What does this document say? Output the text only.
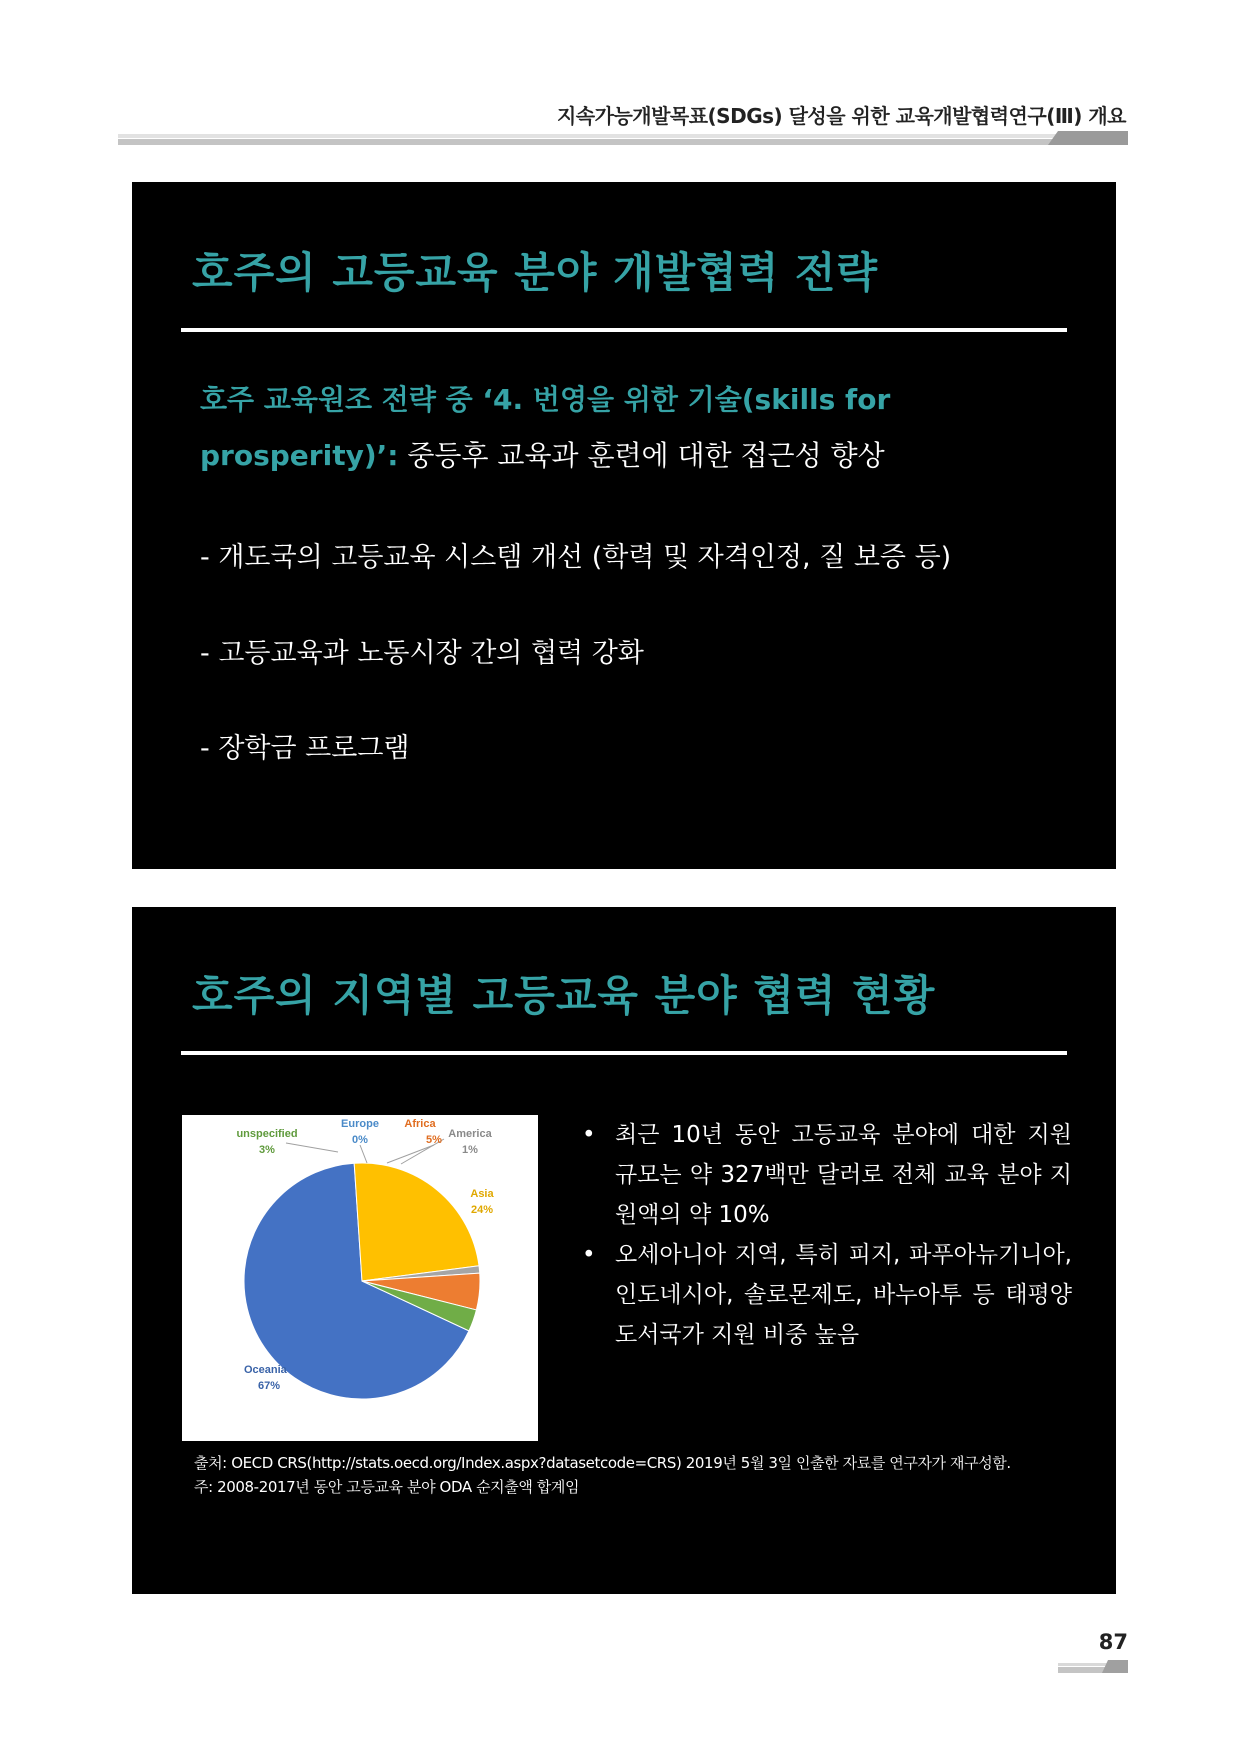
지속가능개발목표(SDGs) 달성을 위한 교육개발협력연구(Ⅲ) 개요
호주의 고등교육 분야 개발협력 전략
호주 교육원조 전략 중 ‘4. 번영을 위한 기술(skills for
prosperity)’: 중등후 교육과 훈련에 대한 접근성 향상
- 개도국의 고등교육 시스템 개선 (학력 및 자격인정, 질 보증 등)
- 고등교육과 노동시장 간의 협력 강화
- 장학금 프로그램
호주의 지역별 고등교육 분야 협력 현황
Oceania
67%
Asia
24%
America
1%
Africa
5%
Europe
0%
unspecified
3%
• 최근 10년 동안 고등교육 분야에 대한 지원 규모는 약 327백만 달러로 전체 교육 분야 지원액의 약 10%
• 오세아니아 지역, 특히 피지, 파푸아뉴기니아, 인도네시아, 솔로몬제도, 바누아투 등 태평양 도서국가 지원 비중 높음
출처: OECD CRS(http://stats.oecd.org/Index.aspx?datasetcode=CRS) 2019년 5월 3일 인출한 자료를 연구자가 재구성함.
주: 2008-2017년 동안 고등교육 분야 ODA 순지출액 합계임
87
